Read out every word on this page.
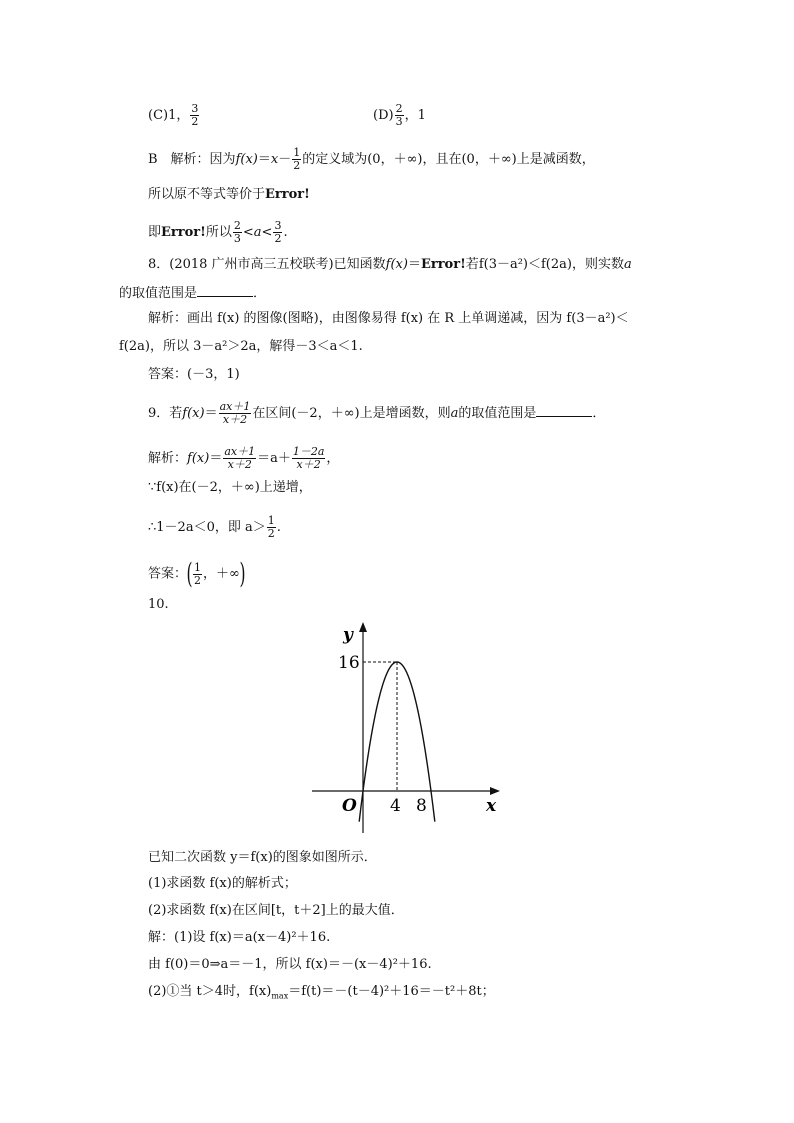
(C)1， $\frac{3}{2}$	$(D) \frac{2}{3}$ ，1
B　解析：因为$f(x)=x- \frac{1}{2}$ 的定义域为(0，＋∞)，且在(0，＋∞)上是减函数，
所以原不等式等价于Error!
即Error!所以 $\frac{2}{3} <a< \frac{3}{2}$ .
8．(2018 广州市高三五校联考)已知函数f(x)＝Error!若f(3－a²)＜f(2a)，则实数a
的取值范围是	．
解析：画出 f(x) 的图像(图略)，由图像易得 f(x) 在 R 上单调递减，因为 f(3－a²)＜
f(2a)，所以 3－a²＞2a，解得－3＜a＜1.
答案：(－3，1)
9．若$f(x)= \frac{ax+1}{x+2}$ 在区间(－2，＋∞)上是增函数，则a的取值范围是	．
解析：$f(x)= \frac{ax+1}{x+2} =a+ \frac{1-2a}{x+2}$ ，
∵f(x)在(－2，＋∞)上递增，
∴1－2a＜0，即 $a> \frac{1}{2}$ .
答案：( $\frac{1}{2}$ ，＋∞)
10.
y
16
O 4 8	x
已知二次函数 y＝f(x)的图象如图所示．
(1)求函数 f(x)的解析式；
(2)求函数 f(x)在区间[t，t＋2]上的最大值．
解：(1)设 f(x)＝a(x－4)²＋16.
由 f(0)＝0⇒a＝－1，所以 f(x)＝－(x－4)²＋16.
(2)①当 t＞4时，$f(x)_{max}=f(t)=-(t-4)^2+16=-t^2+8t$；
